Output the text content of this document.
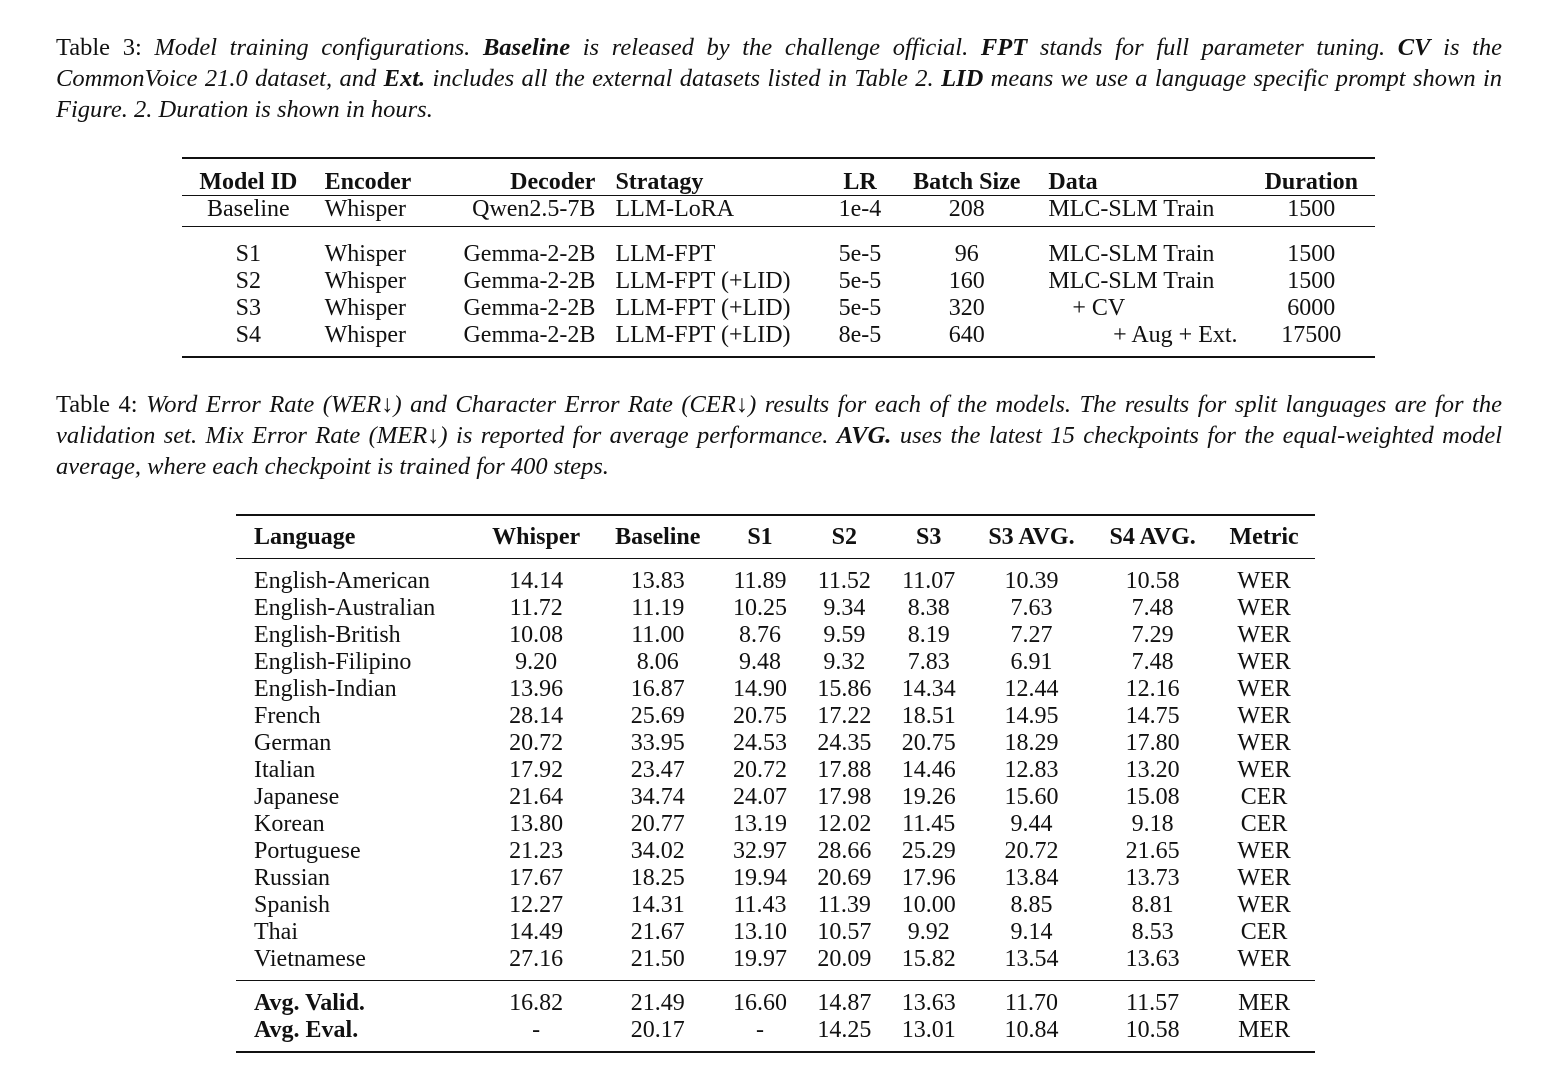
Table 3: Model training configurations. Baseline is released by the challenge official. FPT stands for full parameter tuning. CV is the CommonVoice 21.0 dataset, and Ext. includes all the external datasets listed in Table 2. LID means we use a language specific prompt shown in Figure. 2. Duration is shown in hours.
Model ID	Encoder	Decoder	Stratagy	LR	Batch Size	Data	Duration
Baseline	Whisper	Qwen2.5-7B	LLM-LoRA	1e-4	208	MLC-SLM Train	1500
S1	Whisper	Gemma-2-2B	LLM-FPT	5e-5	96	MLC-SLM Train	1500
S2	Whisper	Gemma-2-2B	LLM-FPT (+LID)	5e-5	160	MLC-SLM Train	1500
S3	Whisper	Gemma-2-2B	LLM-FPT (+LID)	5e-5	320	+ CV	6000
S4	Whisper	Gemma-2-2B	LLM-FPT (+LID)	8e-5	640	+ Aug + Ext.	17500
Table 4: Word Error Rate (WER↓) and Character Error Rate (CER↓) results for each of the models. The results for split languages are for the validation set. Mix Error Rate (MER↓) is reported for average performance. AVG. uses the latest 15 checkpoints for the equal-weighted model average, where each checkpoint is trained for 400 steps.
Language	Whisper	Baseline	S1	S2	S3	S3 AVG.	S4 AVG.	Metric
English-American	14.14	13.83	11.89	11.52	11.07	10.39	10.58	WER
English-Australian	11.72	11.19	10.25	9.34	8.38	7.63	7.48	WER
English-British	10.08	11.00	8.76	9.59	8.19	7.27	7.29	WER
English-Filipino	9.20	8.06	9.48	9.32	7.83	6.91	7.48	WER
English-Indian	13.96	16.87	14.90	15.86	14.34	12.44	12.16	WER
French	28.14	25.69	20.75	17.22	18.51	14.95	14.75	WER
German	20.72	33.95	24.53	24.35	20.75	18.29	17.80	WER
Italian	17.92	23.47	20.72	17.88	14.46	12.83	13.20	WER
Japanese	21.64	34.74	24.07	17.98	19.26	15.60	15.08	CER
Korean	13.80	20.77	13.19	12.02	11.45	9.44	9.18	CER
Portuguese	21.23	34.02	32.97	28.66	25.29	20.72	21.65	WER
Russian	17.67	18.25	19.94	20.69	17.96	13.84	13.73	WER
Spanish	12.27	14.31	11.43	11.39	10.00	8.85	8.81	WER
Thai	14.49	21.67	13.10	10.57	9.92	9.14	8.53	CER
Vietnamese	27.16	21.50	19.97	20.09	15.82	13.54	13.63	WER
Avg. Valid.	16.82	21.49	16.60	14.87	13.63	11.70	11.57	MER
Avg. Eval.	-	20.17	-	14.25	13.01	10.84	10.58	MER
